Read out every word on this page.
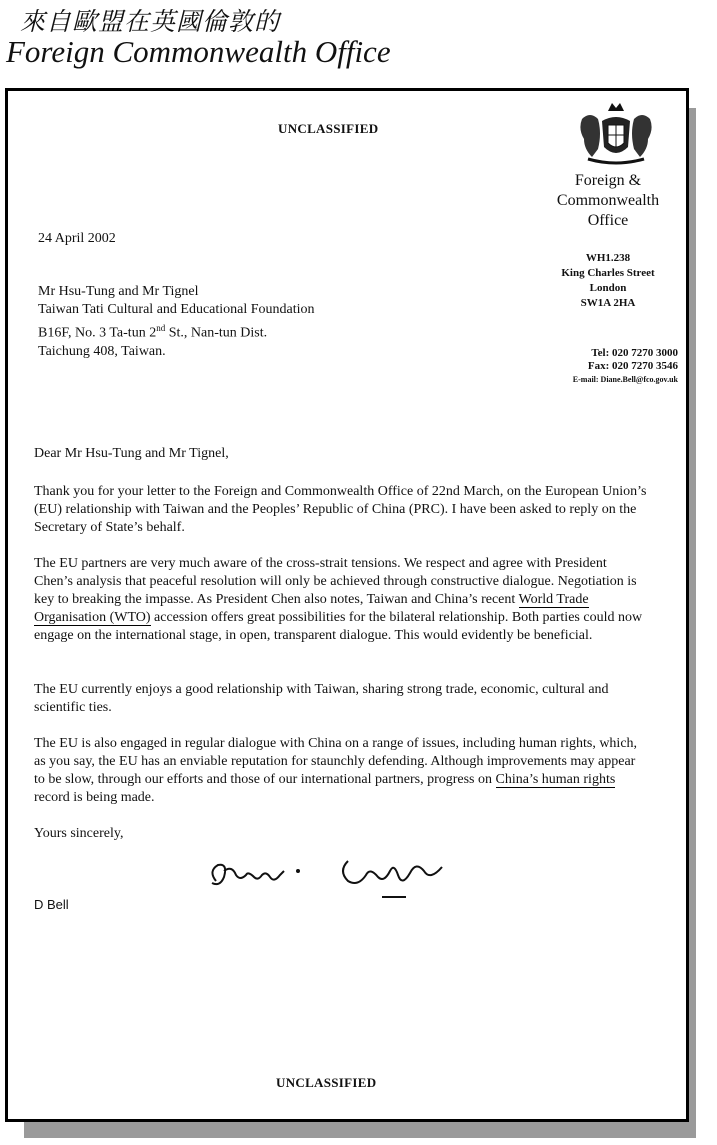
來自歐盟在英國倫敦的
Foreign Commonwealth Office
UNCLASSIFIED
Foreign &
Commonwealth
Office
WH1.238
King Charles Street
London
SW1A 2HA
Tel: 020 7270 3000
Fax: 020 7270 3546
E-mail: Diane.Bell@fco.gov.uk
24 April 2002
Mr Hsu-Tung and Mr Tignel
Taiwan Tati Cultural and Educational Foundation
B16F, No. 3 Ta-tun 2nd St., Nan-tun Dist.
Taichung 408, Taiwan.
Dear Mr Hsu-Tung and Mr Tignel,
Thank you for your letter to the Foreign and Commonwealth Office of 22nd March, on the European Union’s (EU) relationship with Taiwan and the Peoples’ Republic of China (PRC). I have been asked to reply on the Secretary of State’s behalf.
The EU partners are very much aware of the cross-strait tensions. We respect and agree with President Chen’s analysis that peaceful resolution will only be achieved through constructive dialogue. Negotiation is key to breaking the impasse. As President Chen also notes, Taiwan and China’s recent World Trade Organisation (WTO) accession offers great possibilities for the bilateral relationship. Both parties could now engage on the international stage, in open, transparent dialogue. This would evidently be beneficial.
The EU currently enjoys a good relationship with Taiwan, sharing strong trade, economic, cultural and scientific ties.
The EU is also engaged in regular dialogue with China on a range of issues, including human rights, which, as you say, the EU has an enviable reputation for staunchly defending. Although improvements may appear to be slow, through our efforts and those of our international partners, progress on China’s human rights record is being made.
Yours sincerely,
D Bell
UNCLASSIFIED
